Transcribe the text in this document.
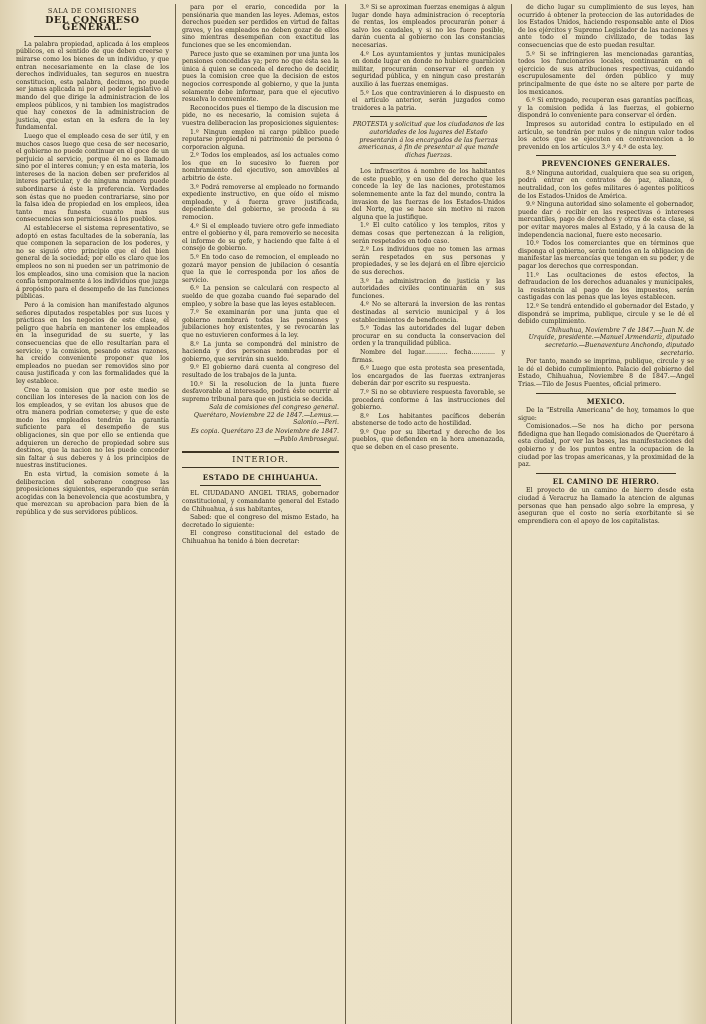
SALA DE COMISIONES
DEL CONGRESO GENERAL.

La palabra propiedad, aplicada á los empleos públicos, en el sentido de que deben creerse y mirarse como los bienes de un individuo, y que entran necesariamente en la clase de los derechos individuales, tan seguros en nuestra constitucion, esta palabra, decimos, no puede ser jamas aplicada ni por el poder legislativo al mando del que dirige la administracion de los empleos públicos, y ni tambien los magistrados que hay conexos de la administracion de justicia, que estan en la esfera de la ley fundamental.

Luego que el empleado cesa de ser útil, y en muchos casos luego que cesa de ser necesario, el gobierno no puede continuar en el goce de un perjuicio al servicio, porque él no es llamado sino por el interes comun; y en esta materia, los intereses de la nacion deben ser preferidos al interes particular, y de ninguna manera puede subordinarse á éste la preferencia. Verdades son éstas que no pueden contrariarse, sino por la falsa idea de propiedad en los empleos, idea tanto mas funesta cuanto mas sus consecuencias son perniciosas á los pueblos.

Al establecerse el sistema representativo, se adoptó en estas facultades de la soberanía, las que componen la separacion de los poderes, y no se siguió otro principio que el del bien general de la sociedad; por ello es claro que los empleos no son ni pueden ser un patrimonio de los empleados, sino una comision que la nacion confía temporalmente á los individuos que juzga á propósito para el desempeño de las funciones públicas.

Pero á la comision han manifestado algunos señores diputados respetables por sus luces y prácticas en los negocios de este clase, el peligro que habría en mantener los empleados en la inseguridad de su suerte, y las consecuencias que de ello resultarían para el servicio; y la comision, pesando estas razones, ha creído conveniente proponer que los empleados no puedan ser removidos sino por causa justificada y con las formalidades que la ley establece.

Cree la comision que por este medio se concilian los intereses de la nacion con los de los empleados, y se evitan los abusos que de otra manera podrian cometerse; y que de este modo los empleados tendrán la garantía suficiente para el desempeño de sus obligaciones, sin que por ello se entienda que adquieren un derecho de propiedad sobre sus destinos, que la nacion no les puede conceder sin faltar á sus deberes y á los principios de nuestras instituciones.

En esta virtud, la comision somete á la deliberacion del soberano congreso las proposiciones siguientes, esperando que serán acogidas con la benevolencia que acostumbra, y que merezcan su aprobacion para bien de la república y de sus servidores públicos.

para por el erario, concedida por la pensiónaria que manden las leyes. Ademas, estos derechos pueden ser perdidos en virtud de faltas graves, y los empleados no deben gozar de ellos sino mientras desempeñan con exactitud las funciones que se les encomiendan.

Parece justo que se examinen por una junta los pensiones concedidas ya; pero no que ésta sea la única á quien se conceda el derecho de decidir, pues la comision cree que la decision de estos negocios corresponde al gobierno, y que la junta solamente debe informar, para que el ejecutivo resuelva lo conveniente.

Reconocidos pues el tiempo de la discusion me pide, no es necesario, la comision sujeta á vuestra deliberacion las proposiciones siguientes:

1.º Ningun empleo ni cargo público puede reputarse propiedad ni patrimonio de persona ó corporacion alguna.

2.º Todos los empleados, así los actuales como los que en lo sucesivo lo fueren por nombramiento del ejecutivo, son amovibles al arbitrio de éste.

3.º Podrá removerse al empleado no formando expediente instructivo, en que oído el mismo empleado, y á fuerza grave justificada, dependiente del gobierno, se proceda á su remocion.

4.º Si el empleado tuviere otro gefe inmediato entre el gobierno y él, para removerlo se necesita el informe de su gefe, y haciendo que falte á el consejo de gobierno.

5.º En todo caso de remocion, el empleado no gozará mayor pension de jubilacion ó cesantía que la que le corresponda por los años de servicio.

6.º La pension se calculará con respecto al sueldo de que gozaba cuando fué separado del empleo, y sobre la base que las leyes establecen.

7.º Se examinarán por una junta que el gobierno nombrará todas las pensiones y jubilaciones hoy existentes, y se revocarán las que no estuvieren conformes á la ley.

8.º La junta se compondrá del ministro de hacienda y dos personas nombradas por el gobierno, que servirán sin sueldo.

9.º El gobierno dará cuenta al congreso del resultado de los trabajos de la junta.

10.º Si la resolucion de la junta fuere desfavorable al interesado, podrá éste ocurrir al supremo tribunal para que en justicia se decida.

Sala de comisiones del congreso general. Querétaro, Noviembre 22 de 1847.—Lemus.—Salonio.—Peri.

Es copia. Querétaro 23 de Noviembre de 1847.—Pablo Ambrosegui.

INTERIOR.
ESTADO DE CHIHUAHUA.

EL CIUDADANO ANGEL TRIAS, gobernador constitucional, y comandante general del Estado de Chihuahua, á sus habitantes,

Sabed: que el congreso del mismo Estado, ha decretado lo siguiente:

El congreso constitucional del estado de Chihuahua ha tenido á bien decretar:

3.º Si se aproximan fuerzas enemigas á algun lugar donde haya administracion ó receptoría de rentas, los empleados procurarán poner á salvo los caudales, y si no les fuere posible, darán cuenta al gobierno con las constancias necesarias.

4.º Los ayuntamientos y juntas municipales en donde lugar en donde no hubiere guarnicion militar, procurarán conservar el orden y seguridad pública, y en ningun caso prestarán auxilio á las fuerzas enemigas.

5.º Los que contravinieren á lo dispuesto en el artículo anterior, serán juzgados como traidores a la patria.

PROTESTA y solicitud que los ciudadanos de las autoridades de los lugares del Estado presentarán á los encargados de las fuerzas americanas, á fin de presentar al que mande dichas fuerzas.

Los infrascritos á nombre de los habitantes de este pueblo, y en uso del derecho que les concede la ley de las naciones, protestamos solemnemente ante la faz del mundo, contra la invasion de las fuerzas de los Estados-Unidos del Norte, que se hace sin motivo ni razon alguna que la justifique.

1.º El culto católico y los templos, ritos y demas cosas que pertenezcan á la religion, serán respetados en todo caso.

2.º Los individuos que no tomen las armas serán respetados en sus personas y propiedades, y se les dejará en el libre ejercicio de sus derechos.

3.º La administracion de justicia y las autoridades civiles continuarán en sus funciones.

4.º No se alterará la inversion de las rentas destinadas al servicio municipal y á los establecimientos de beneficencia.

5.º Todas las autoridades del lugar deben procurar en su conducta la conservacion del orden y la tranquilidad pública.

Nombre del lugar............ fecha............ y firmas.

6.º Luego que esta protesta sea presentada, los encargados de las fuerzas extranjeras deberán dar por escrito su respuesta.

7.º Si no se obtuviere respuesta favorable, se procederá conforme á las instrucciones del gobierno.

8.º Los habitantes pacíficos deberán abstenerse de todo acto de hostilidad.

9.º Que por su libertad y derecho de los pueblos, que defienden en la hora amenazada, que se deben en el caso presente.

de dicho lugar su cumplimiento de sus leyes, han ocurrido á obtener la proteccion de las autoridades de los Estados Unidos, haciendo responsable ante el Dios de los ejércitos y Supremo Legislador de las naciones y ante todo el mundo civilizado, de todas las consecuencias que de esto puedan resultar.

5.º Si se infringieren las mencionadas garantías, todos los funcionarios locales, continuarán en el ejercicio de sus atribuciones respectivas, cuidando escrupulosamente del órden público y muy principalmente de que éste no se altere por parte de los mexicanos.

6.º Si entregado, recuperan esas garantías pacíficas, y la comision pedida á las fuerzas, el gobierno dispondrá lo conveniente para conservar el órden.

Impresos su autoridad contra lo estipulado en el artículo, se tendrán por nulos y de ningun valor todos los actos que se ejecuten en contravencion a lo prevenido en los artículos 3.º y 4.º de esta ley.

PREVENCIONES GENERALES.

8.º Ninguna autoridad, cualquiera que sea su origen, podrá entrar en contratos de paz, alianza, ó neutralidad, con los gefes militares ó agentes políticos de los Estados-Unidos de América.

9.º Ninguna autoridad sino solamente el gobernador, puede dar ó recibir en las respectivas ó intereses mercantiles, pago de derechos y otras de esta clase, si por evitar mayores males al Estado, y á la causa de la independencia nacional, fuere esto necesario.

10.º Todos los comerciantes que en términos que disponga el gobierno, serán tenidos en la obligacion de manifestar las mercancías que tengan en su poder, y de pagar los derechos que correspondan.

11.º Las ocultaciones de estos efectos, la defraudacion de los derechos aduanales y municipales, la resistencia al pago de los impuestos, serán castigadas con las penas que las leyes establecen.

12.º Se tendrá entendido el gobernador del Estado, y dispondrá se imprima, publique, circule y se le dé el debido cumplimiento.

Chihuahua, Noviembre 7 de 1847.—Juan N. de Urquide, presidente.—Manuel Armendariz, diputado secretario.—Buenaventura Anchondo, diputado secretario.

Por tanto, mando se imprima, publique, circule y se le dé el debido cumplimiento. Palacio del gobierno del Estado, Chihuahua, Noviembre 8 de 1847.—Angel Trias.—Tilo de Jesus Fuentes, oficial primero.

MEXICO.

De la "Estrella Americana" de hoy, tomamos lo que sigue:

Comisionados.—Se nos ha dicho por persona fidedigna que han llegado comisionados de Querétaro á esta ciudad, por ver las bases, las manifestaciones del gobierno y de los puntos entre la ocupacion de la ciudad por las tropas americanas, y la proximidad de la paz.

EL CAMINO DE HIERRO.

El proyecto de un camino de hierro desde esta ciudad á Veracruz ha llamado la atencion de algunas personas que han pensado algo sobre la empresa, y aseguran que el costo no sería exorbitante si se emprendiera con el apoyo de los capitalistas.
